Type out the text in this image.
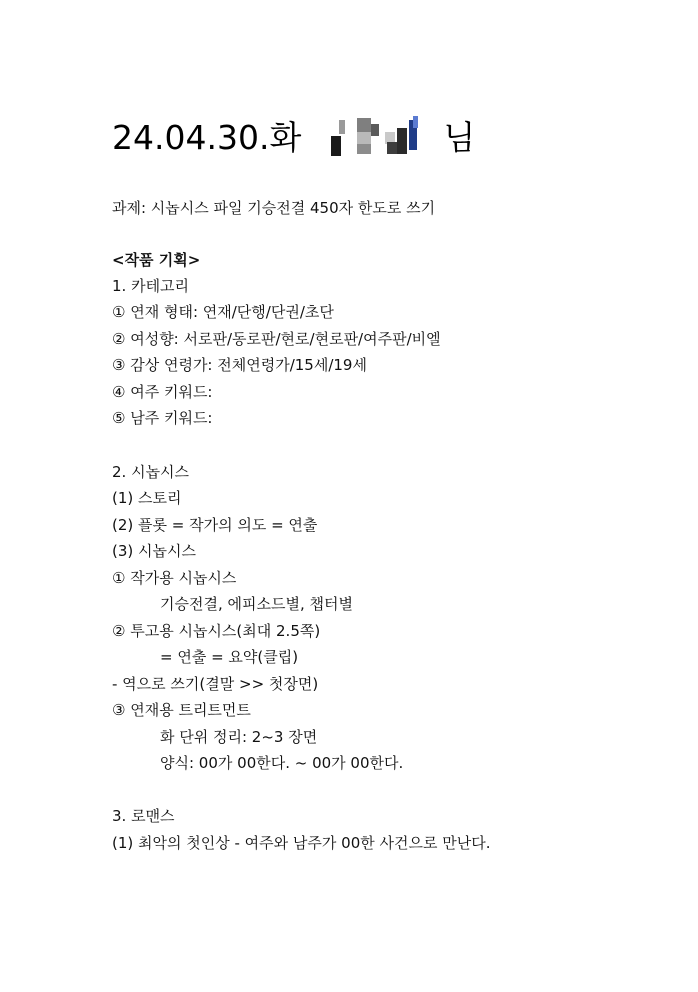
24.04.30.화	님
과제: 시놉시스 파일 기승전결 450자 한도로 쓰기
<작품 기획>
1. 카테고리
① 연재 형태: 연재/단행/단권/초단
② 여성향: 서로판/동로판/현로/현로판/여주판/비엘
③ 감상 연령가: 전체연령가/15세/19세
④ 여주 키워드:
⑤ 남주 키워드:
2. 시놉시스
(1) 스토리
(2) 플롯 = 작가의 의도 = 연출
(3) 시놉시스
① 작가용 시놉시스
기승전결, 에피소드별, 챕터별
② 투고용 시놉시스(최대 2.5쪽)
= 연출 = 요약(클립)
- 역으로 쓰기(결말 >> 첫장면)
③ 연재용 트리트먼트
화 단위 정리: 2~3 장면
양식: 00가 00한다. ~ 00가 00한다.
3. 로맨스
(1) 최악의 첫인상 - 여주와 남주가 00한 사건으로 만난다.
